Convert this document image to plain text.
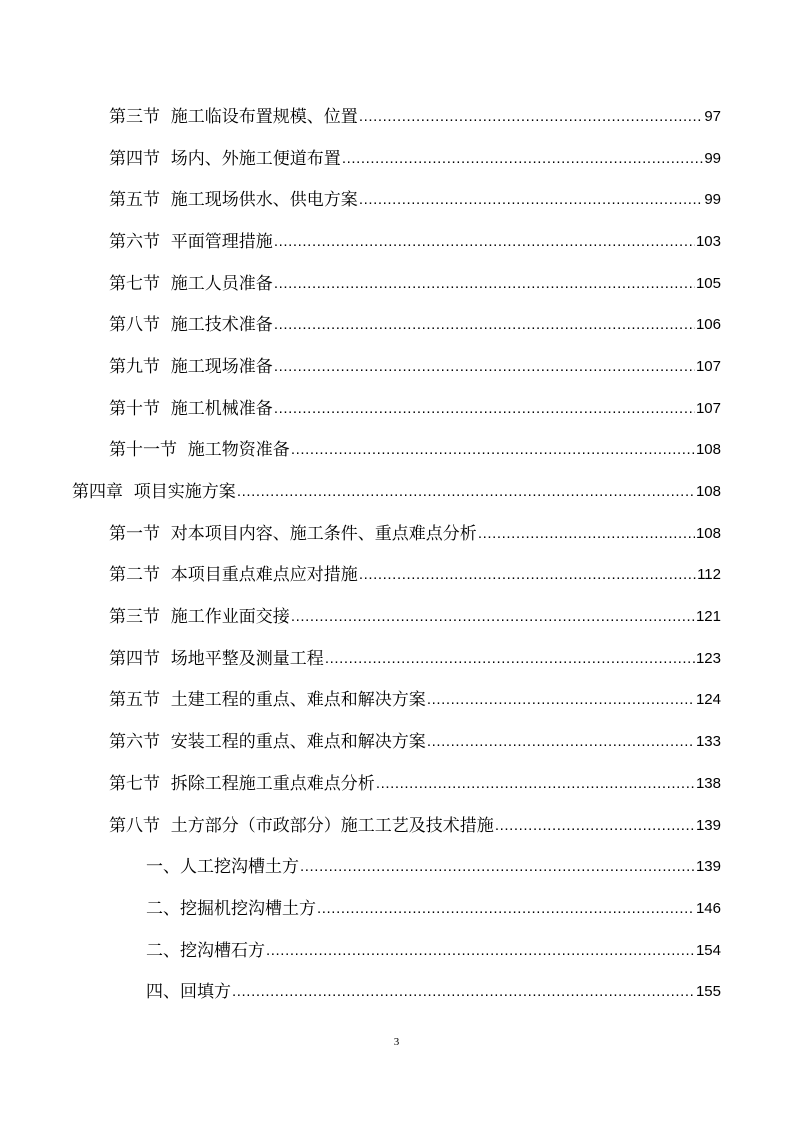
第三节  施工临设布置规模、位置 .....	97
第四节  场内、外施工便道布置 .....	99
第五节  施工现场供水、供电方案 .....	99
第六节  平面管理措施 .....	103
第七节  施工人员准备 .....	105
第八节  施工技术准备 .....	106
第九节  施工现场准备 .....	107
第十节  施工机械准备 .....	107
第十一节  施工物资准备 .....	108
第四章  项目实施方案 .....	108
第一节  对本项目内容、施工条件、重点难点分析 .....	108
第二节  本项目重点难点应对措施 .....	112
第三节  施工作业面交接 .....	121
第四节  场地平整及测量工程 .....	123
第五节  土建工程的重点、难点和解决方案 .....	124
第六节  安装工程的重点、难点和解决方案 .....	133
第七节  拆除工程施工重点难点分析 .....	138
第八节  土方部分（市政部分）施工工艺及技术措施 .....	139
一、人工挖沟槽土方 .....	139
二、挖掘机挖沟槽土方 .....	146
二、挖沟槽石方 .....	154
四、回填方 .....	155
3
